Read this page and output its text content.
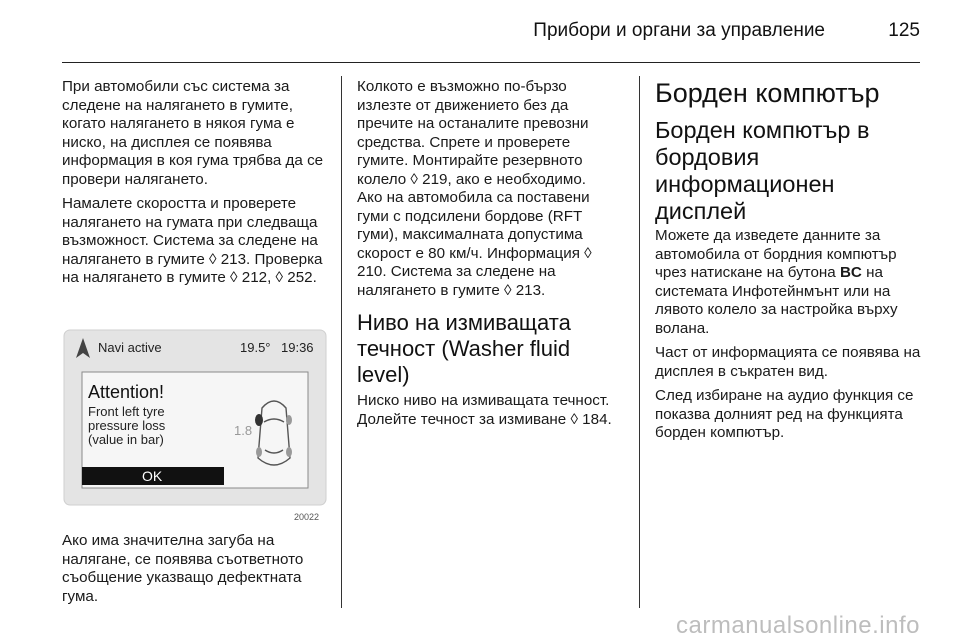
Прибори и органи за управление	125

При автомобили със система за следене на налягането в гумите, когато налягането в някоя гума е ниско, на дисплея се появява информация в коя гума трябва да се провери налягането.

Намалете скоростта и проверете налягането на гумата при следваща възможност. Система за следене на налягането в гумите ◊ 213. Проверка на налягането в гумите ◊ 212, ◊ 252.

Navi active	19.5° 19:36
Attention!
Front left tyre
pressure loss
(value in bar)
1.8
OK
20022

Ако има значителна загуба на налягане, се появява съответното съобщение указващо дефектната гума.

Колкото е възможно по-бързо излезте от движението без да пречите на останалите превозни средства. Спрете и проверете гумите. Монтирайте резервното колело ◊ 219, ако е необходимо. Ако на автомобила са поставени гуми с подсилени бордове (RFT гуми), максималната допустима скорост е 80 км/ч. Информация ◊ 210. Система за следене на налягането в гумите ◊ 213.

Ниво на измиващата течност (Washer fluid level)

Ниско ниво на измиващата течност. Долейте течност за измиване ◊ 184.

Борден компютър
Борден компютър в бордовия информационен дисплей

Можете да изведете данните за автомобила от бордния компютър чрез натискане на бутона BC на системата Инфотейнмънт или на лявото колело за настройка върху волана.

Част от информацията се появява на дисплея в съкратен вид.

След избиране на аудио функция се показва долният ред на функцията борден компютър.

carmanualsonline.info
